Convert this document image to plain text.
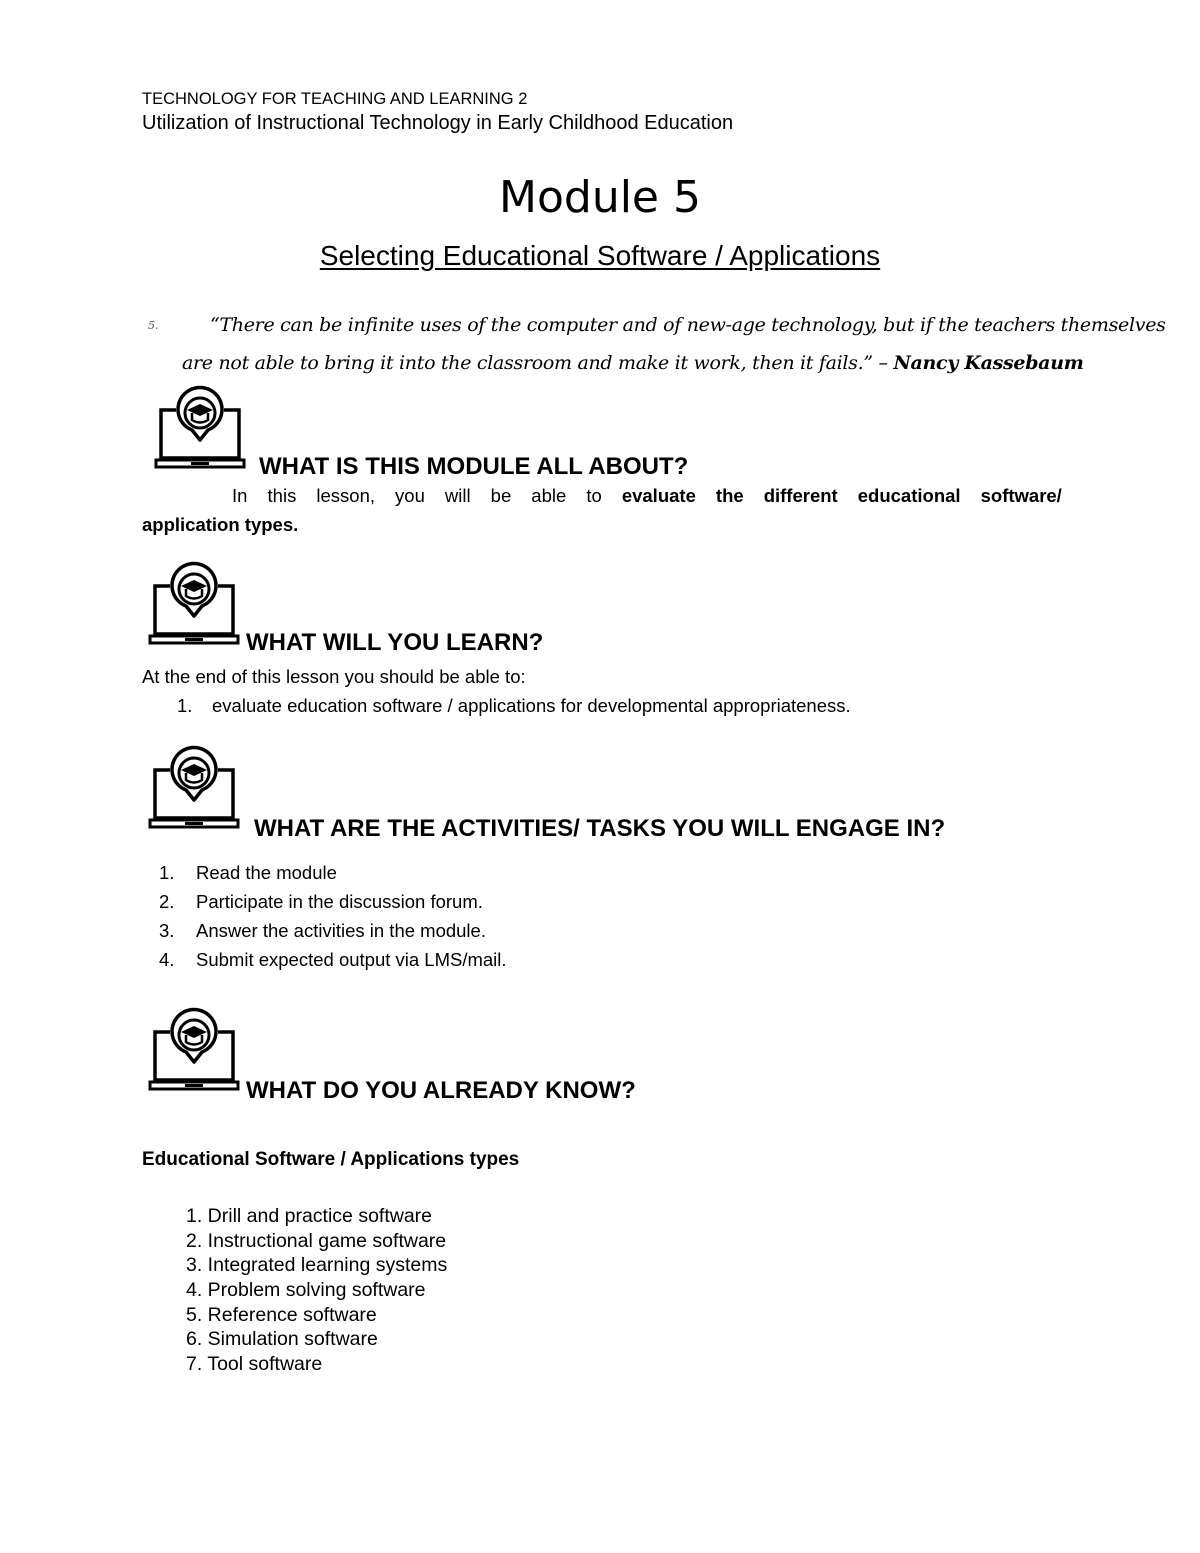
TECHNOLOGY FOR TEACHING AND LEARNING 2
Utilization of Instructional Technology in Early Childhood Education
Module 5
Selecting Educational Software / Applications
5.	“There can be infinite uses of the computer and of new-age technology, but if the teachers themselves
are not able to bring it into the classroom and make it work, then it fails.” – Nancy Kassebaum
WHAT IS THIS MODULE ALL ABOUT?
In this lesson, you will be able to evaluate the different educational software/
application types.
WHAT WILL YOU LEARN?
At the end of this lesson you should be able to:
1. evaluate education software / applications for developmental appropriateness.
WHAT ARE THE ACTIVITIES/ TASKS YOU WILL ENGAGE IN?
1.	Read the module
2.	Participate in the discussion forum.
3.	Answer the activities in the module.
4.	Submit expected output via LMS/mail.
WHAT DO YOU ALREADY KNOW?
Educational Software / Applications types
1. Drill and practice software
2. Instructional game software
3. Integrated learning systems
4. Problem solving software
5. Reference software
6. Simulation software
7. Tool software
